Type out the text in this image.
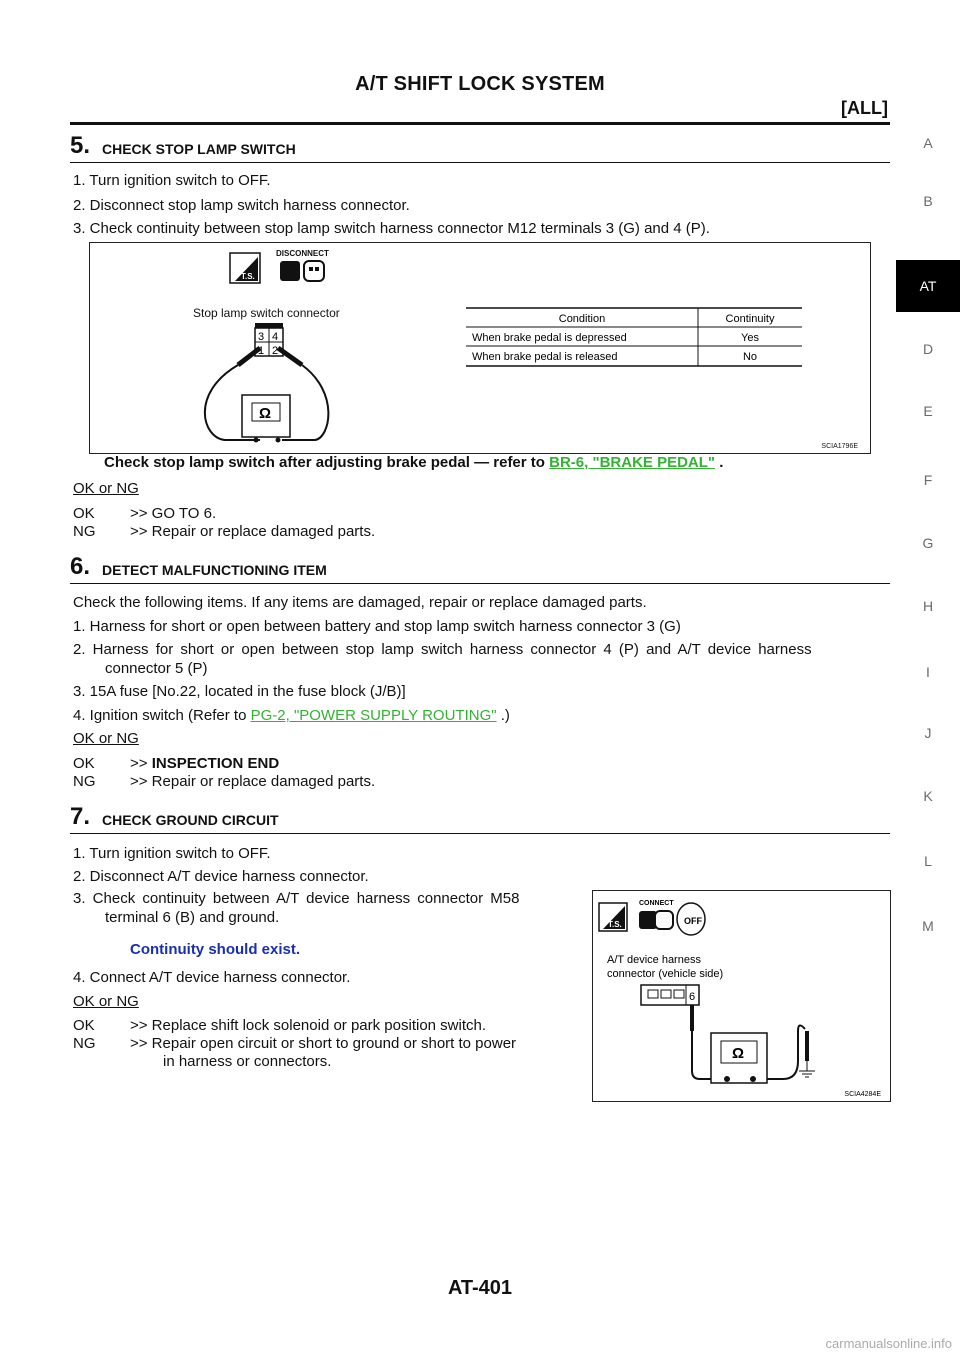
A/T SHIFT LOCK SYSTEM
[ALL]
A
B
AT
D
E
F
G
H
I
J
K
L
M
5. CHECK STOP LAMP SWITCH
1. Turn ignition switch to OFF.
2. Disconnect stop lamp switch harness connector.
3. Check continuity between stop lamp switch harness connector M12 terminals 3 (G) and 4 (P).
T.S.
DISCONNECT
Stop lamp switch connector
3 4
1 2
Ω
Condition	Continuity
When brake pedal is depressed	Yes
When brake pedal is released	No
SCIA1796E
Check stop lamp switch after adjusting brake pedal — refer to BR-6, "BRAKE PEDAL" .
OK or NG
OK >> GO TO 6.
NG >> Repair or replace damaged parts.
6. DETECT MALFUNCTIONING ITEM
Check the following items. If any items are damaged, repair or replace damaged parts.
1. Harness for short or open between battery and stop lamp switch harness connector 3 (G)
2. Harness for short or open between stop lamp switch harness connector 4 (P) and A/T device harness
connector 5 (P)
3. 15A fuse [No.22, located in the fuse block (J/B)]
4. Ignition switch (Refer to PG-2, "POWER SUPPLY ROUTING" .)
OK or NG
OK >> INSPECTION END
NG >> Repair or replace damaged parts.
7. CHECK GROUND CIRCUIT
1. Turn ignition switch to OFF.
2. Disconnect A/T device harness connector.
3. Check continuity between A/T device harness connector M58
terminal 6 (B) and ground.
Continuity should exist.
4. Connect A/T device harness connector.
OK or NG
OK >> Replace shift lock solenoid or park position switch.
NG >> Repair open circuit or short to ground or short to power
in harness or connectors.
T.S.
CONNECT
OFF
A/T device harness
connector (vehicle side)
6
Ω
SCIA4284E
AT-401
carmanualsonline.info
